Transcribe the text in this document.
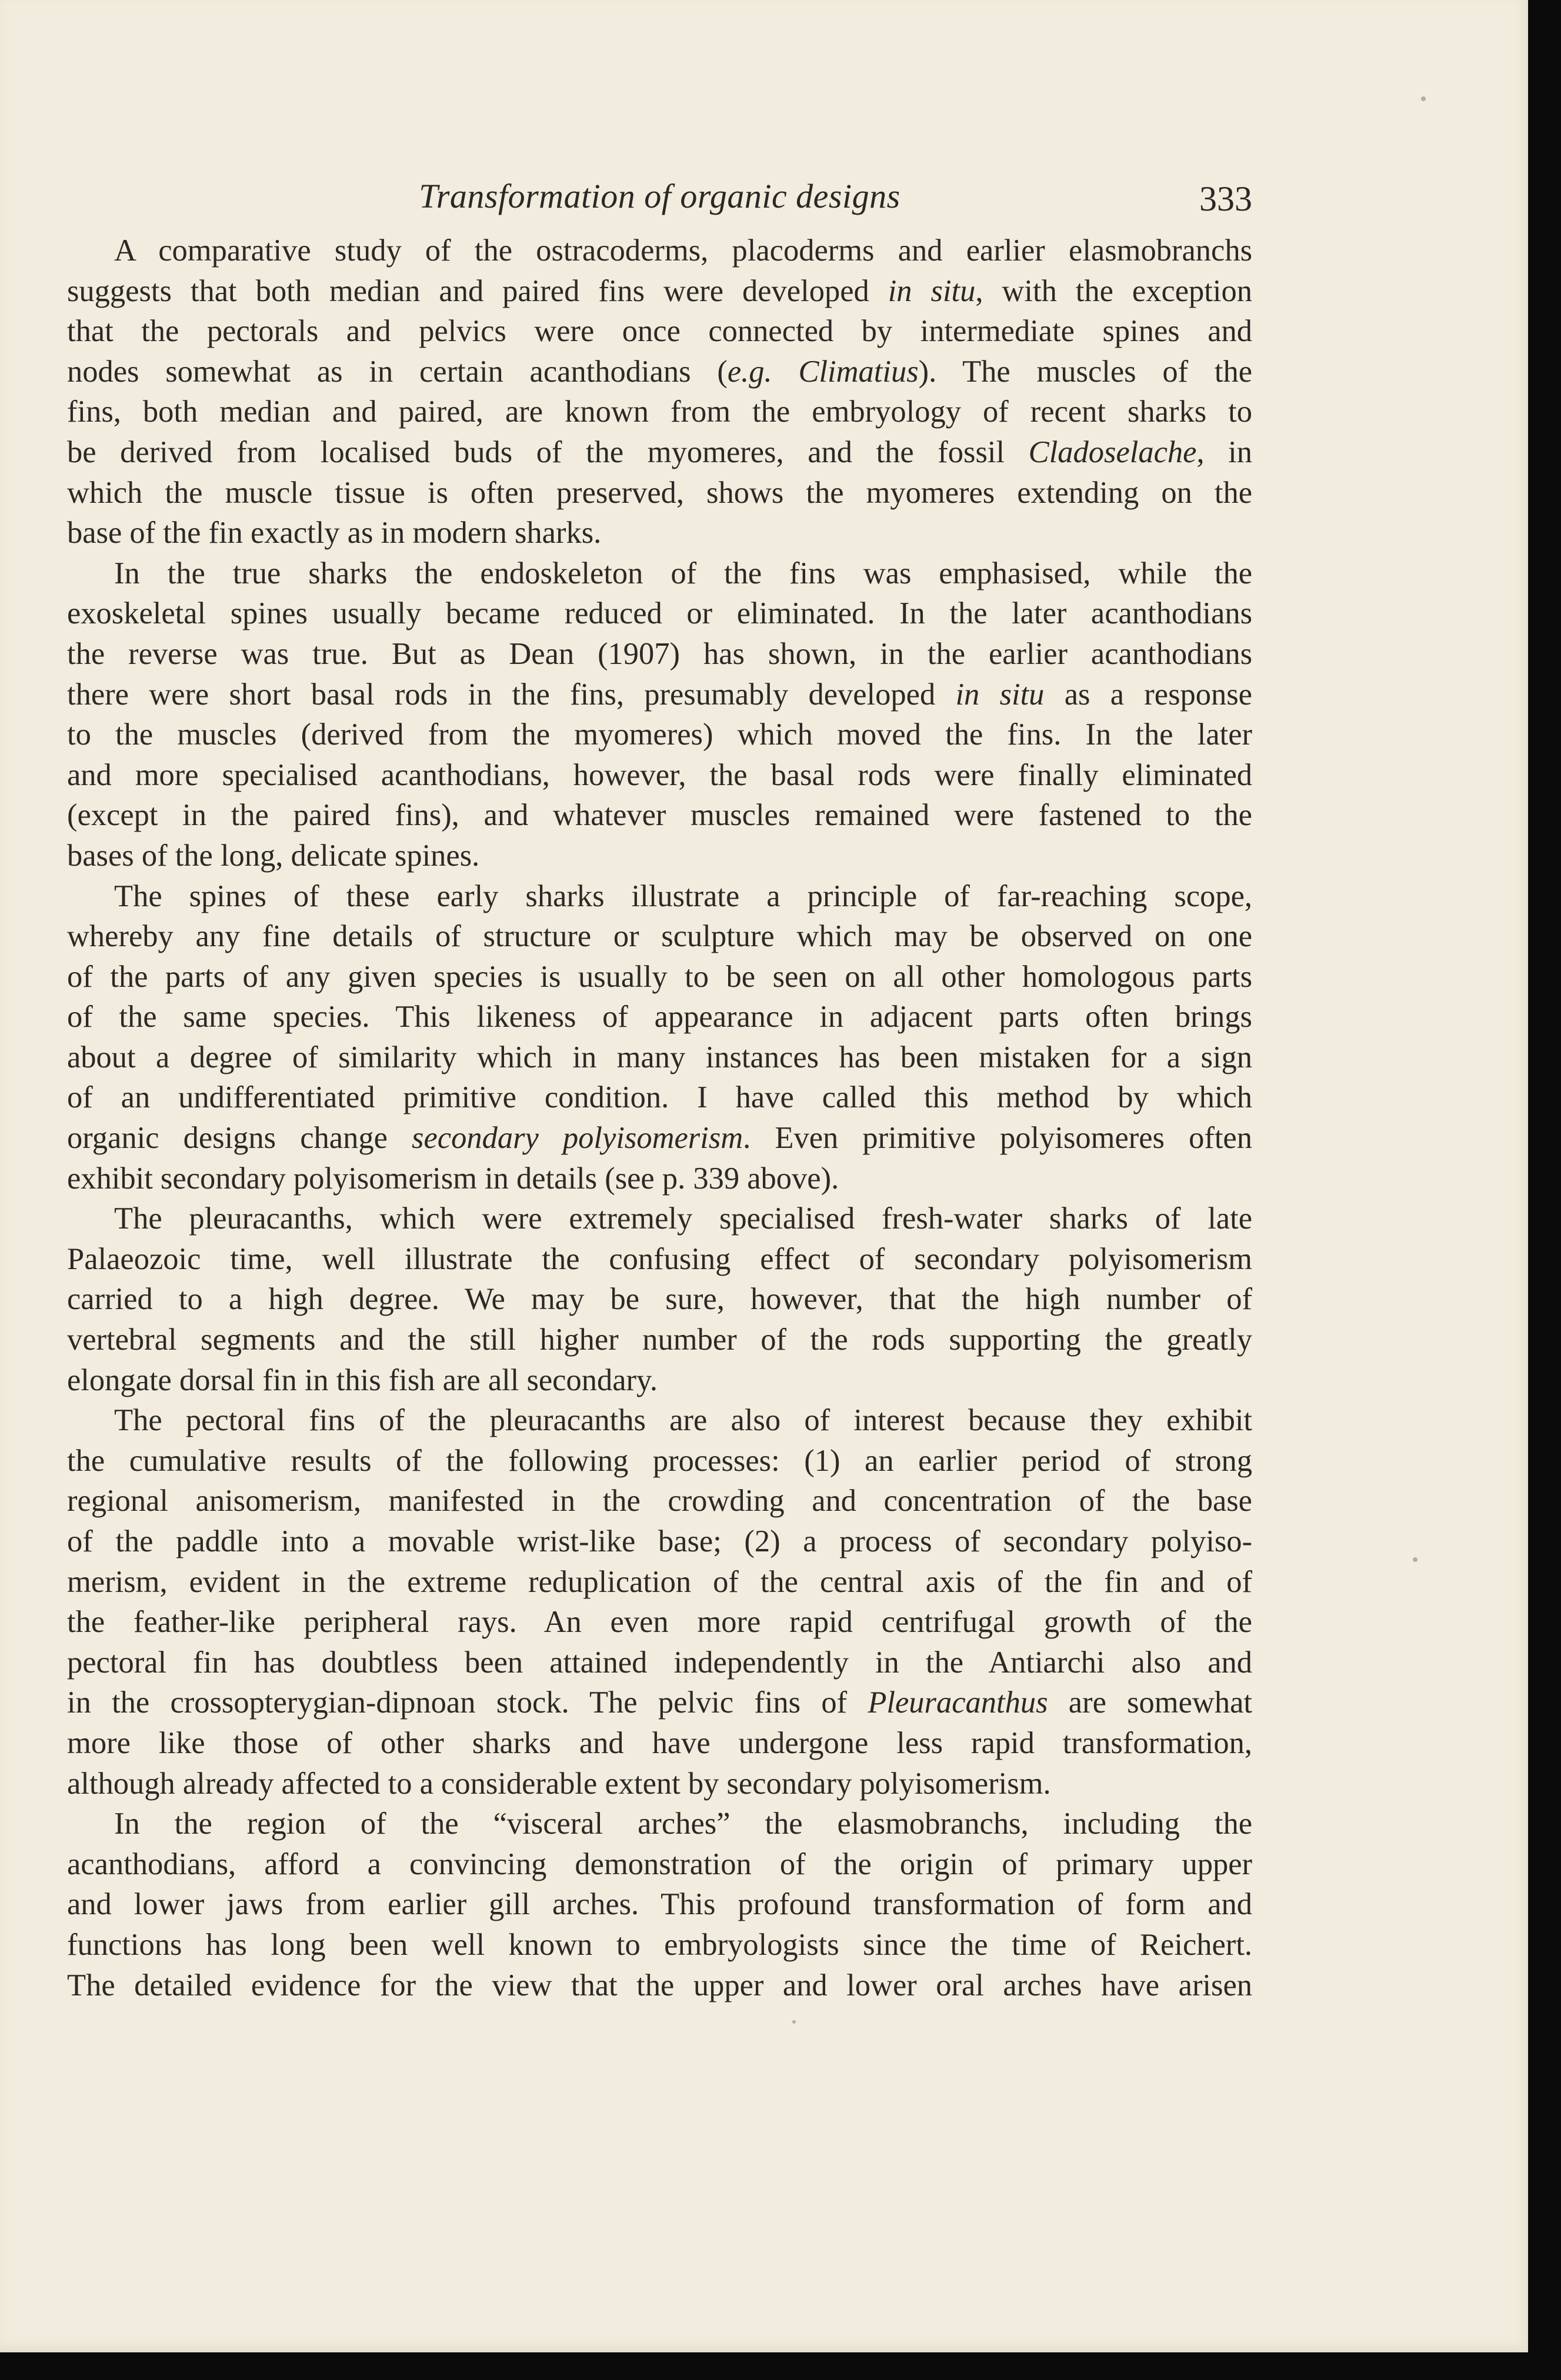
Transformation of organic designs	333
A comparative study of the ostracoderms, placoderms and earlier elasmobranchs
suggests that both median and paired fins were developed in situ, with the exception
that the pectorals and pelvics were once connected by intermediate spines and
nodes somewhat as in certain acanthodians (e.g. Climatius). The muscles of the
fins, both median and paired, are known from the embryology of recent sharks to
be derived from localised buds of the myomeres, and the fossil Cladoselache, in
which the muscle tissue is often preserved, shows the myomeres extending on the
base of the fin exactly as in modern sharks.
In the true sharks the endoskeleton of the fins was emphasised, while the
exoskeletal spines usually became reduced or eliminated. In the later acanthodians
the reverse was true. But as Dean (1907) has shown, in the earlier acanthodians
there were short basal rods in the fins, presumably developed in situ as a response
to the muscles (derived from the myomeres) which moved the fins. In the later
and more specialised acanthodians, however, the basal rods were finally eliminated
(except in the paired fins), and whatever muscles remained were fastened to the
bases of the long, delicate spines.
The spines of these early sharks illustrate a principle of far-reaching scope,
whereby any fine details of structure or sculpture which may be observed on one
of the parts of any given species is usually to be seen on all other homologous parts
of the same species. This likeness of appearance in adjacent parts often brings
about a degree of similarity which in many instances has been mistaken for a sign
of an undifferentiated primitive condition. I have called this method by which
organic designs change secondary polyisomerism. Even primitive polyisomeres often
exhibit secondary polyisomerism in details (see p. 339 above).
The pleuracanths, which were extremely specialised fresh-water sharks of late
Palaeozoic time, well illustrate the confusing effect of secondary polyisomerism
carried to a high degree. We may be sure, however, that the high number of
vertebral segments and the still higher number of the rods supporting the greatly
elongate dorsal fin in this fish are all secondary.
The pectoral fins of the pleuracanths are also of interest because they exhibit
the cumulative results of the following processes: (1) an earlier period of strong
regional anisomerism, manifested in the crowding and concentration of the base
of the paddle into a movable wrist-like base; (2) a process of secondary polyiso-
merism, evident in the extreme reduplication of the central axis of the fin and of
the feather-like peripheral rays. An even more rapid centrifugal growth of the
pectoral fin has doubtless been attained independently in the Antiarchi also and
in the crossopterygian-dipnoan stock. The pelvic fins of Pleuracanthus are somewhat
more like those of other sharks and have undergone less rapid transformation,
although already affected to a considerable extent by secondary polyisomerism.
In the region of the “visceral arches” the elasmobranchs, including the
acanthodians, afford a convincing demonstration of the origin of primary upper
and lower jaws from earlier gill arches. This profound transformation of form and
functions has long been well known to embryologists since the time of Reichert.
The detailed evidence for the view that the upper and lower oral arches have arisen
